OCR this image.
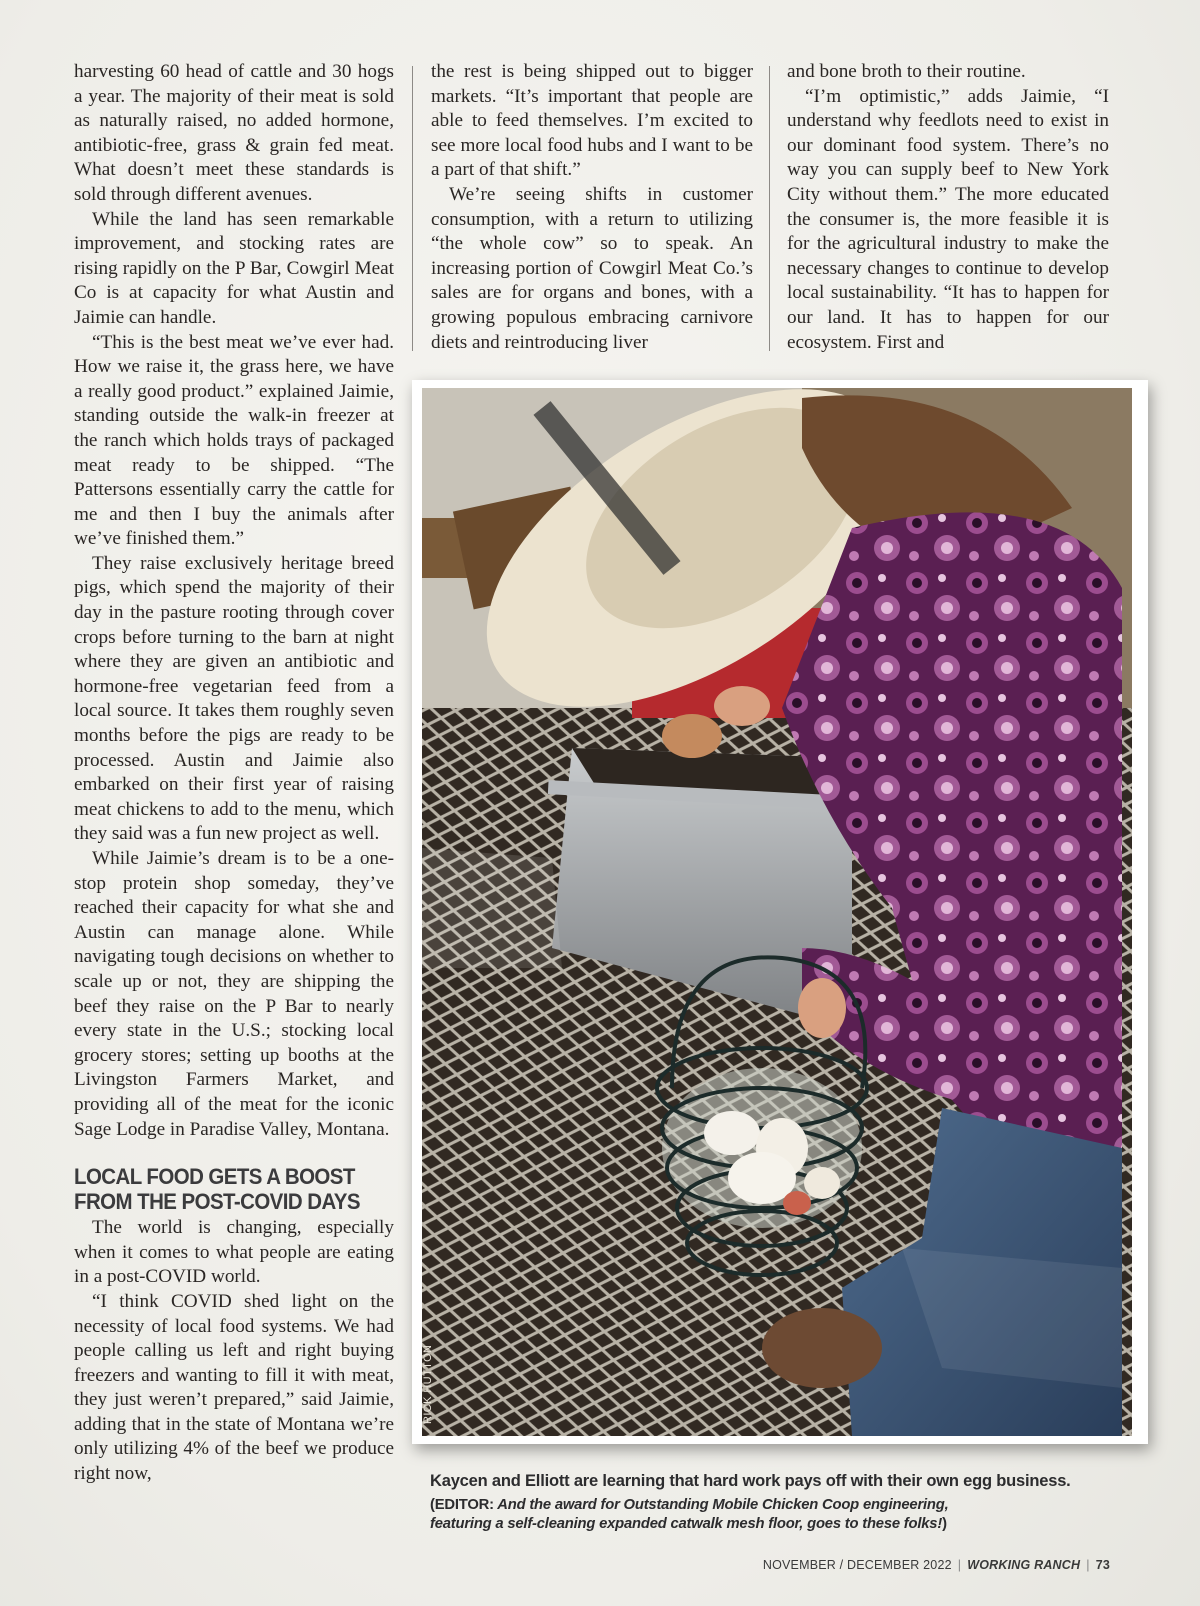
harvesting 60 head of cattle and 30 hogs a year. The majority of their meat is sold as naturally raised, no added hormone, antibiotic-free, grass & grain fed meat. What doesn’t meet these standards is sold through different avenues.

While the land has seen remarkable improvement, and stocking rates are rising rapidly on the P Bar, Cowgirl Meat Co is at capacity for what Austin and Jaimie can handle.

“This is the best meat we’ve ever had. How we raise it, the grass here, we have a really good product.” explained Jaimie, standing outside the walk-in freezer at the ranch which holds trays of packaged meat ready to be shipped. “The Pattersons essentially carry the cattle for me and then I buy the animals after we’ve finished them.”

They raise exclusively heritage breed pigs, which spend the majority of their day in the pasture rooting through cover crops before turning to the barn at night where they are given an antibiotic and hormone-free vegetarian feed from a local source. It takes them roughly seven months before the pigs are ready to be processed. Austin and Jaimie also embarked on their first year of raising meat chickens to add to the menu, which they said was a fun new project as well.

While Jaimie’s dream is to be a one-stop protein shop someday, they’ve reached their capacity for what she and Austin can manage alone. While navigating tough decisions on whether to scale up or not, they are shipping the beef they raise on the P Bar to nearly every state in the U.S.; stocking local grocery stores; setting up booths at the Livingston Farmers Market, and providing all of the meat for the iconic Sage Lodge in Paradise Valley, Montana.

LOCAL FOOD GETS A BOOST
FROM THE POST-COVID DAYS

The world is changing, especially when it comes to what people are eating in a post-COVID world.

“I think COVID shed light on the necessity of local food systems. We had people calling us left and right buying freezers and wanting to fill it with meat, they just weren’t prepared,” said Jaimie, adding that in the state of Montana we’re only utilizing 4% of the beef we produce right now,

the rest is being shipped out to bigger markets. “It’s important that people are able to feed themselves. I’m excited to see more local food hubs and I want to be a part of that shift.”

We’re seeing shifts in customer consumption, with a return to utilizing “the whole cow” so to speak. An increasing portion of Cowgirl Meat Co.’s sales are for organs and bones, with a growing populous embracing carnivore diets and reintroducing liver

and bone broth to their routine.

“I’m optimistic,” adds Jaimie, “I understand why feedlots need to exist in our dominant food system. There’s no way you can supply beef to New York City without them.” The more educated the consumer is, the more feasible it is for the agricultural industry to make the necessary changes to continue to develop local sustainability. “It has to happen for our land. It has to happen for our ecosystem. First and

RICK HUTTON
Kaycen and Elliott are learning that hard work pays off with their own egg business.
(EDITOR: And the award for Outstanding Mobile Chicken Coop engineering,
featuring a self-cleaning expanded catwalk mesh floor, goes to these folks!)
NOVEMBER / DECEMBER 2022 | WORKING RANCH | 73
